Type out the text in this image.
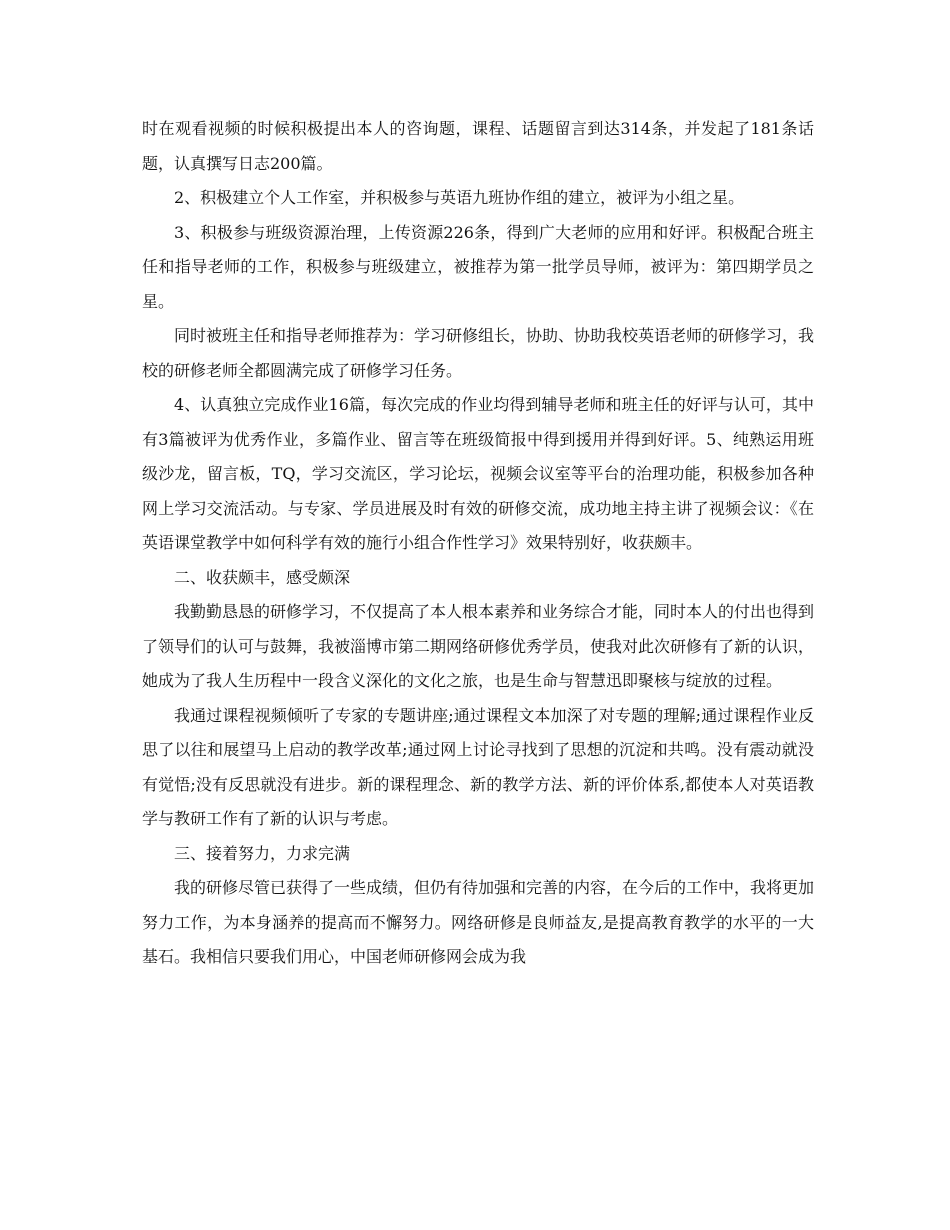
时在观看视频的时候积极提出本人的咨询题，课程、话题留言到达314条，并发起了181条话题，认真撰写日志200篇。

2、积极建立个人工作室，并积极参与英语九班协作组的建立，被评为小组之星。

3、积极参与班级资源治理，上传资源226条，得到广大老师的应用和好评。积极配合班主任和指导老师的工作，积极参与班级建立，被推荐为第一批学员导师，被评为：第四期学员之星。

同时被班主任和指导老师推荐为：学习研修组长，协助、协助我校英语老师的研修学习，我校的研修老师全都圆满完成了研修学习任务。

4、认真独立完成作业16篇，每次完成的作业均得到辅导老师和班主任的好评与认可，其中有3篇被评为优秀作业，多篇作业、留言等在班级简报中得到援用并得到好评。5、纯熟运用班级沙龙，留言板，TQ，学习交流区，学习论坛，视频会议室等平台的治理功能，积极参加各种网上学习交流活动。与专家、学员进展及时有效的研修交流，成功地主持主讲了视频会议：《在英语课堂教学中如何科学有效的施行小组合作性学习》效果特别好，收获颇丰。

二、收获颇丰，感受颇深

我勤勤恳恳的研修学习，不仅提高了本人根本素养和业务综合才能，同时本人的付出也得到了领导们的认可与鼓舞，我被淄博市第二期网络研修优秀学员，使我对此次研修有了新的认识，她成为了我人生历程中一段含义深化的文化之旅，也是生命与智慧迅即聚核与绽放的过程。

我通过课程视频倾听了专家的专题讲座;通过课程文本加深了对专题的理解;通过课程作业反思了以往和展望马上启动的教学改革;通过网上讨论寻找到了思想的沉淀和共鸣。没有震动就没有觉悟;没有反思就没有进步。新的课程理念、新的教学方法、新的评价体系,都使本人对英语教学与教研工作有了新的认识与考虑。

三、接着努力，力求完满

我的研修尽管已获得了一些成绩，但仍有待加强和完善的内容，在今后的工作中，我将更加努力工作，为本身涵养的提高而不懈努力。网络研修是良师益友,是提高教育教学的水平的一大基石。我相信只要我们用心，中国老师研修网会成为我
